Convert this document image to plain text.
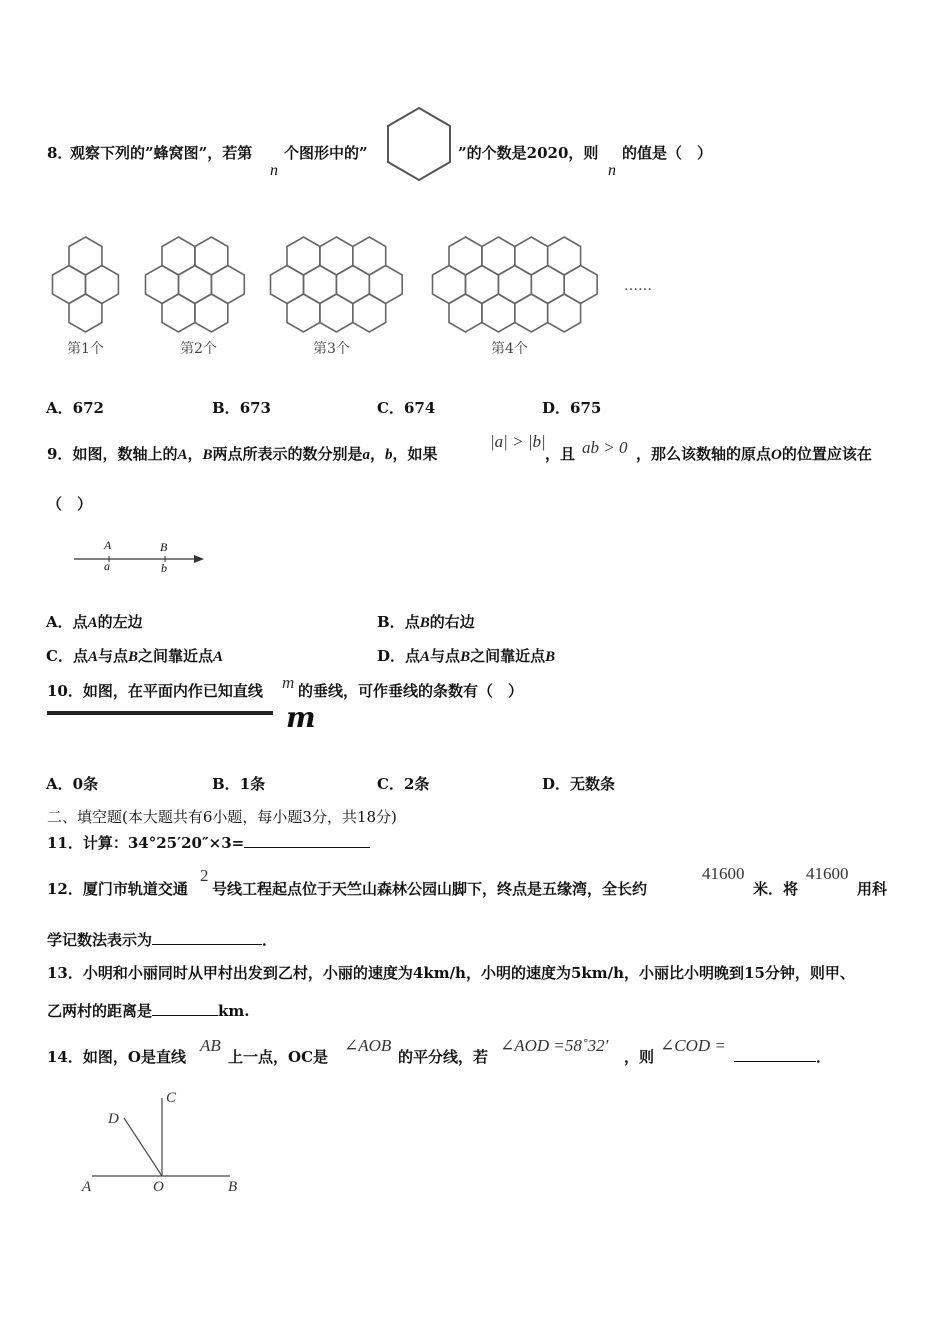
8．
观察下列的”蜂窝图”，若第
n
个图形中的”	”的个数是2020，则
n
的值是（　）
第1个	第2个	第3个	第4个
……
A．672	B．673	C．674	D．675
9．如图，数轴上的A，B两点所表示的数分别是a，b，如果
|a| > |b|
，且 ab > 0 ，那么该数轴的原点O的位置应该在
（　）
A
a
B
b
A．点A的左边	B．点B的右边
C．点A与点B之间靠近点A	D．点A与点B之间靠近点B
10．如图，在平面内作已知直线 m 的垂线，可作垂线的条数有（　）
m
A．0条	B．1条	C．2条	D．无数条
二、填空题(本大题共有6小题，每小题3分，共18分)
11．计算：34°25′20″×3=
12．厦门市轨道交通
2
号线工程起点位于天竺山森林公园山脚下，终点是五缘湾，全长约
41600
米．将
41600
用科
学记数法表示为	．
13．小明和小丽同时从甲村出发到乙村，小丽的速度为4km/h，小明的速度为5km/h，小丽比小明晚到15分钟，则甲、
乙两村的距离是	km.
14．如图，O是直线
AB
上一点，OC是
∠AOB
的平分线，若
∠AOD =58˚32′
，则
∠COD =
．
A	O	B
C
D
